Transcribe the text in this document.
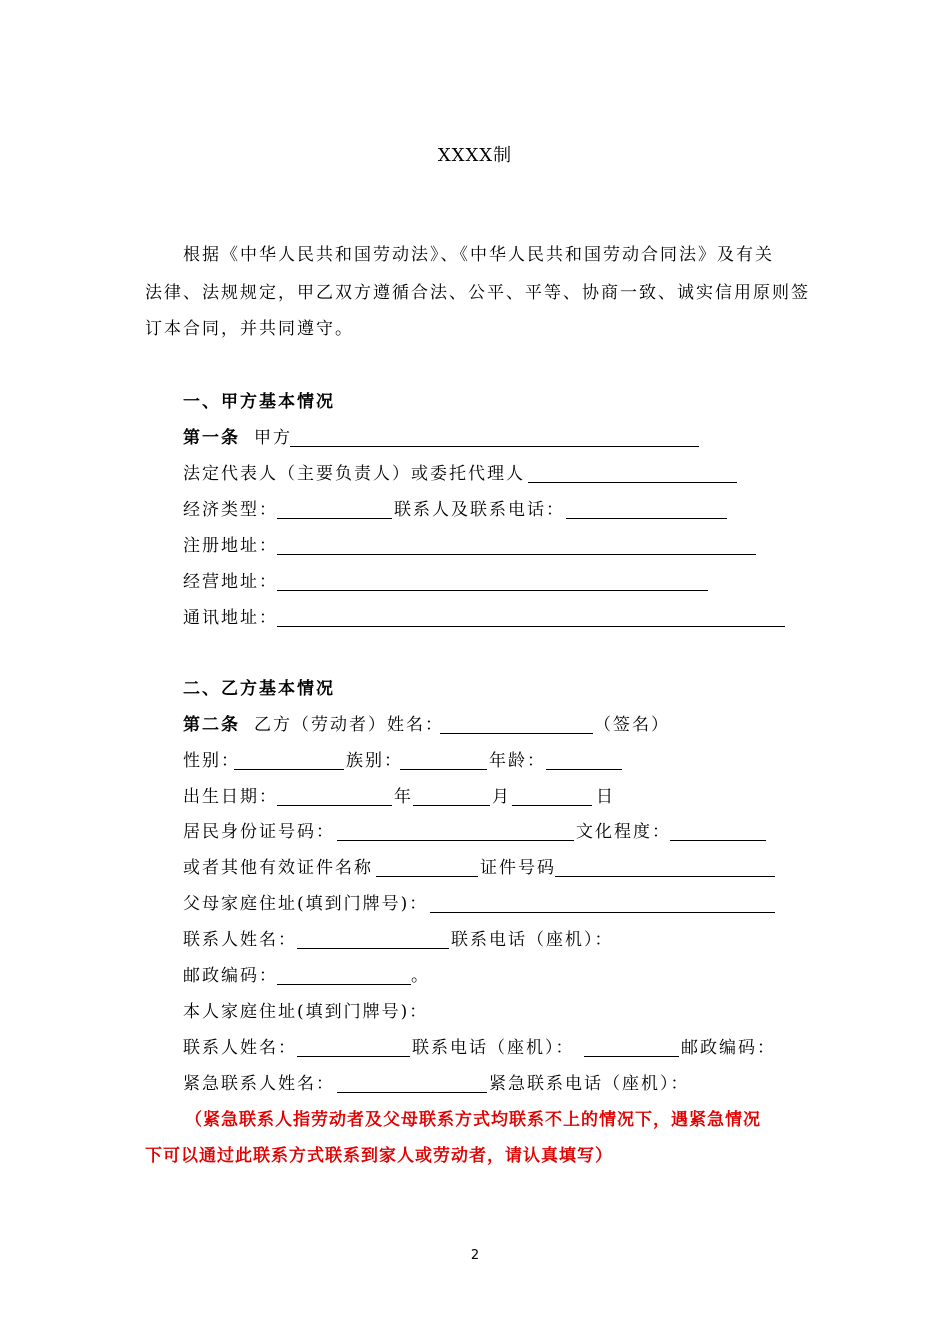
XXXX制
根据《中华人民共和国劳动法》、《中华人民共和国劳动合同法》及有关
法律、法规规定，甲乙双方遵循合法、公平、平等、协商一致、诚实信用原则签
订本合同，并共同遵守。
一、甲方基本情况
第一条 甲方
法定代表人（主要负责人）或委托代理人
经济类型：	联系人及联系电话：
注册地址：
经营地址：
通讯地址：
二、乙方基本情况
第二条 乙方（劳动者）姓名：	（签名）
性别：	族别：	年龄：
出生日期：	年	月	日
居民身份证号码：	文化程度：
或者其他有效证件名称	证件号码
父母家庭住址(填到门牌号)：
联系人姓名：	联系电话（座机）：
邮政编码：	。
本人家庭住址(填到门牌号)：
联系人姓名：	联系电话（座机）：	邮政编码：
紧急联系人姓名：	紧急联系电话（座机）：
（紧急联系人指劳动者及父母联系方式均联系不上的情况下，遇紧急情况
下可以通过此联系方式联系到家人或劳动者，请认真填写）
2
